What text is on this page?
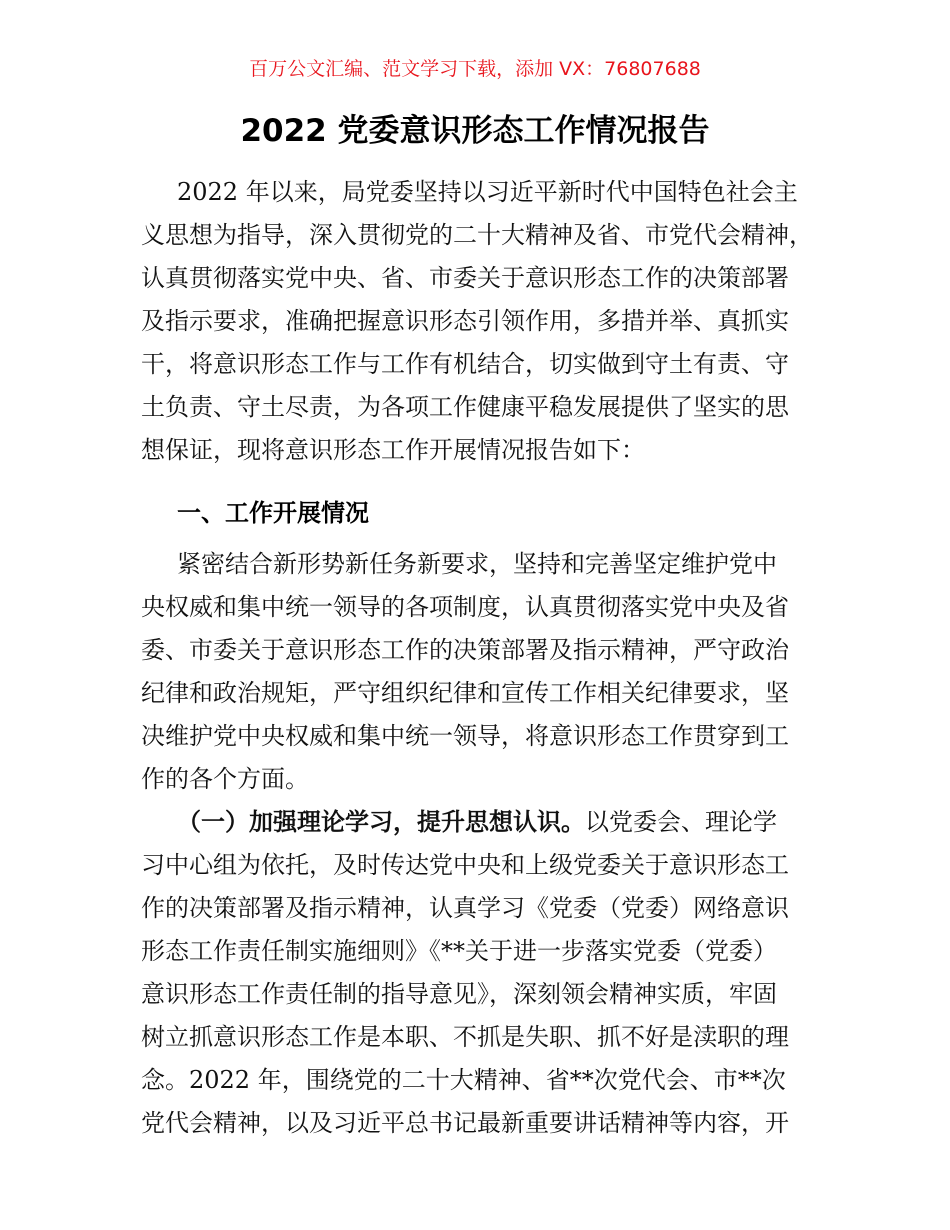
百万公文汇编、范文学习下载，添加 VX：76807688
2022 党委意识形态工作情况报告
2022 年以来，局党委坚持以习近平新时代中国特色社会主
义思想为指导，深入贯彻党的二十大精神及省、市党代会精神，
认真贯彻落实党中央、省、市委关于意识形态工作的决策部署
及指示要求，准确把握意识形态引领作用，多措并举、真抓实
干，将意识形态工作与工作有机结合，切实做到守土有责、守
土负责、守土尽责，为各项工作健康平稳发展提供了坚实的思
想保证，现将意识形态工作开展情况报告如下：
一、工作开展情况
紧密结合新形势新任务新要求，坚持和完善坚定维护党中
央权威和集中统一领导的各项制度，认真贯彻落实党中央及省
委、市委关于意识形态工作的决策部署及指示精神，严守政治
纪律和政治规矩，严守组织纪律和宣传工作相关纪律要求，坚
决维护党中央权威和集中统一领导，将意识形态工作贯穿到工
作的各个方面。
（一）加强理论学习，提升思想认识。以党委会、理论学
习中心组为依托，及时传达党中央和上级党委关于意识形态工
作的决策部署及指示精神，认真学习《党委（党委）网络意识
形态工作责任制实施细则》《**关于进一步落实党委（党委）
意识形态工作责任制的指导意见》，深刻领会精神实质，牢固
树立抓意识形态工作是本职、不抓是失职、抓不好是渎职的理
念。2022 年，围绕党的二十大精神、省**次党代会、市**次
党代会精神，以及习近平总书记最新重要讲话精神等内容，开
